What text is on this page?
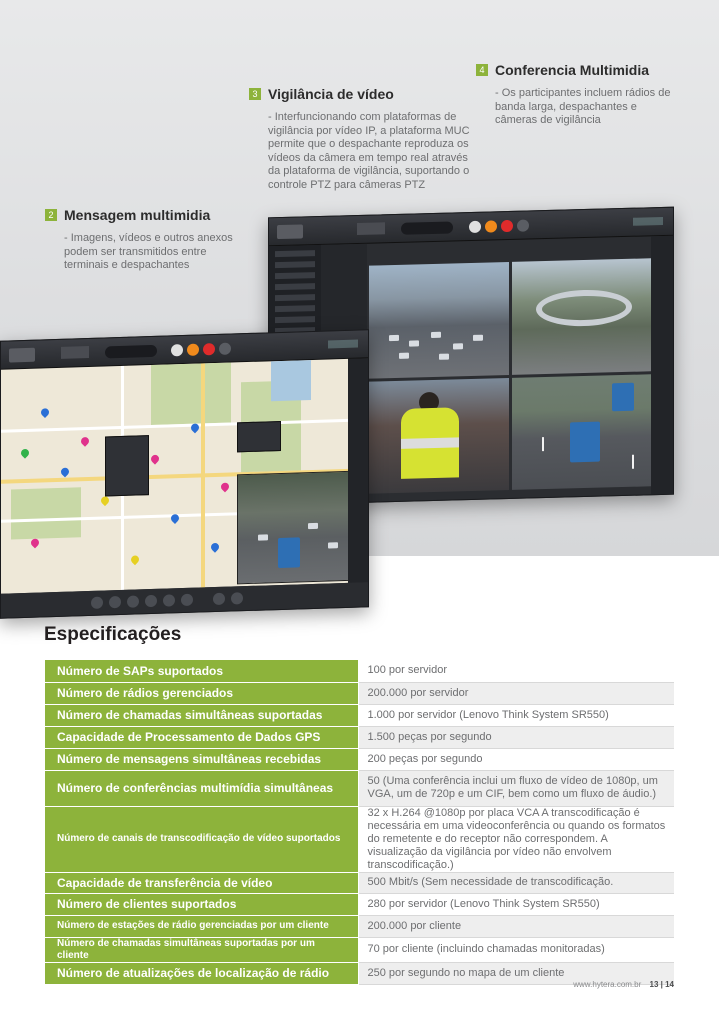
4 Conferencia Multimidia
- Os participantes incluem rádios de banda larga, despachantes e câmeras de vigilância
3 Vigilância de vídeo
- Interfuncionando com plataformas de vigilância por vídeo IP, a plataforma MUC permite que o despachante reproduza os vídeos da câmera em tempo real através da plataforma de vigilância, suportando o controle PTZ para câmeras PTZ
2 Mensagem multimidia
- Imagens, vídeos e outros anexos podem ser transmitidos entre terminais e despachantes
Especificações
Número de SAPs suportados	100 por servidor
Número de rádios gerenciados	200.000 por servidor
Número de chamadas simultâneas suportadas	1.000 por servidor (Lenovo Think System SR550)
Capacidade de Processamento de Dados GPS	1.500 peças por segundo
Número de mensagens simultâneas recebidas	200 peças por segundo
Número de conferências multimídia simultâneas	50 (Uma conferência inclui um fluxo de vídeo de 1080p, um VGA, um de 720p e um CIF, bem como um fluxo de áudio.)
Número de canais de transcodificação de vídeo suportados	32 x H.264 @1080p por placa VCA A transcodificação é necessária em uma videoconferência ou quando os formatos do remetente e do receptor não correspondem. A visualização da vigilância por vídeo não envolvem transcodificação.)
Capacidade de transferência de vídeo	500 Mbit/s (Sem necessidade de transcodificação.
Número de clientes suportados	280 por servidor (Lenovo Think System SR550)
Número de estações de rádio gerenciadas por um cliente	200.000 por cliente
Número de chamadas simultâneas suportadas por um cliente	70 por cliente (incluindo chamadas monitoradas)
Número de atualizações de localização de rádio	250 por segundo no mapa de um cliente
www.hytera.com.br 13 | 14
